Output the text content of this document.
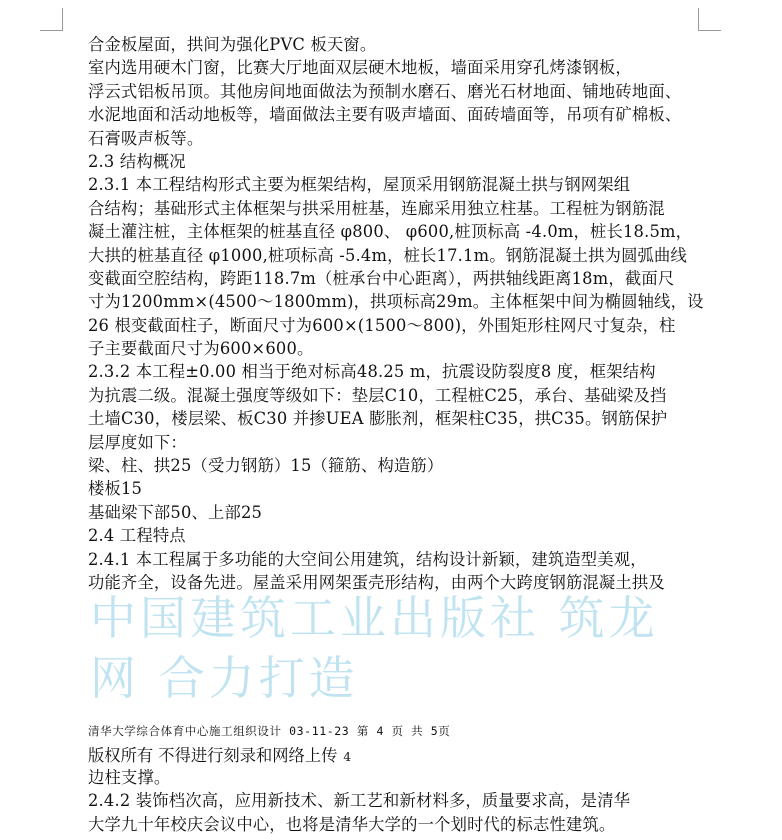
合金板屋面，拱间为强化PVC 板天窗。
室内选用硬木门窗，比赛大厅地面双层硬木地板，墙面采用穿孔烤漆钢板，
浮云式铝板吊顶。其他房间地面做法为预制水磨石、磨光石材地面、铺地砖地面、
水泥地面和活动地板等，墙面做法主要有吸声墙面、面砖墙面等，吊项有矿棉板、
石膏吸声板等。
2.3 结构概况
2.3.1 本工程结构形式主要为框架结构，屋顶采用钢筋混凝土拱与钢网架组
合结构；基础形式主体框架与拱采用桩基，连廊采用独立柱基。工程桩为钢筋混
凝土灌注桩，主体框架的桩基直径 φ800、 φ600,桩顶标高 -4.0m，桩长18.5m，
大拱的桩基直径 φ1000,桩项标高 -5.4m，桩长17.1m。钢筋混凝土拱为圆弧曲线
变截面空腔结构，跨距118.7m（桩承台中心距离），两拱轴线距离18m，截面尺
寸为1200mm×(4500～1800mm)，拱项标高29m。主体框架中间为椭圆轴线，设
26 根变截面柱子，断面尺寸为600×(1500～800)，外围矩形柱网尺寸复杂，柱
子主要截面尺寸为600×600。
2.3.2 本工程±0.00 相当于绝对标高48.25 m，抗震设防裂度8 度，框架结构
为抗震二级。混凝土强度等级如下：垫层C10，工程桩C25，承台、基础梁及挡
土墙C30，楼层梁、板C30 并掺UEA 膨胀剂，框架柱C35，拱C35。钢筋保护
层厚度如下：
梁、柱、拱25（受力钢筋）15（箍筋、构造筋）
楼板15
基础梁下部50、上部25
2.4 工程特点
2.4.1 本工程属于多功能的大空间公用建筑，结构设计新颖，建筑造型美观，
功能齐全，设备先进。屋盖采用网架蛋壳形结构，由两个大跨度钢筋混凝土拱及
中国建筑工业出版社 筑龙
网 合力打造
清华大学综合体育中心施工组织设计 03-11-23 第 4 页 共 5页
版权所有 不得进行刻录和网络上传 4
边柱支撑。
2.4.2 装饰档次高，应用新技术、新工艺和新材料多，质量要求高，是清华
大学九十年校庆会议中心，也将是清华大学的一个划时代的标志性建筑。
